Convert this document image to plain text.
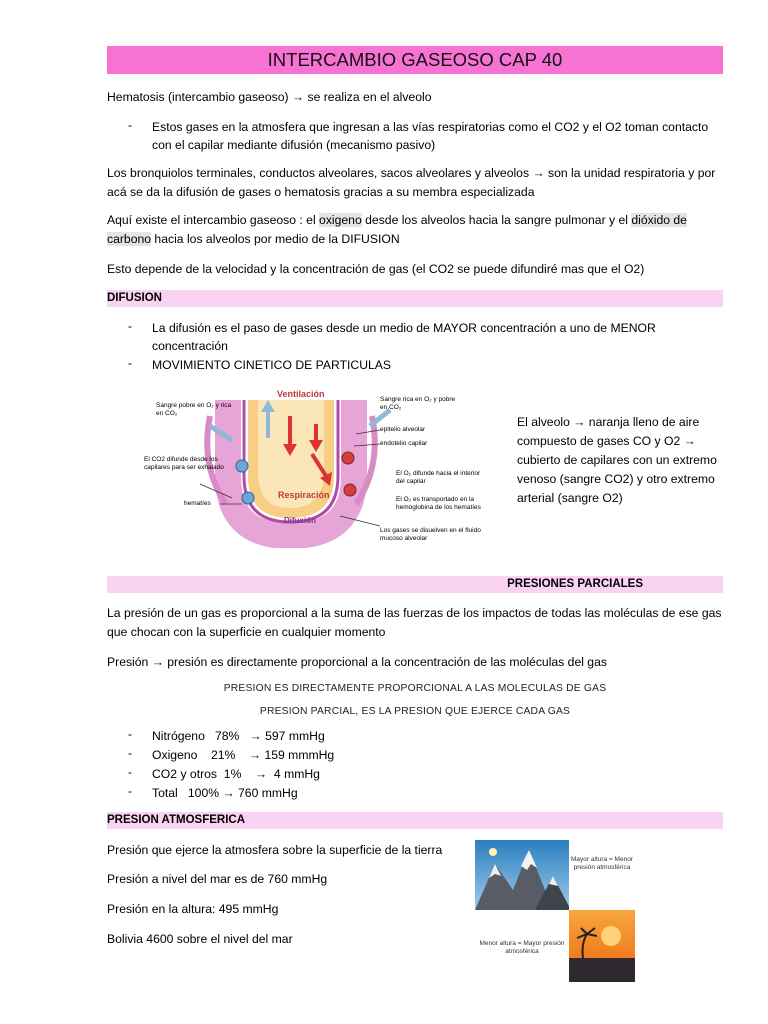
INTERCAMBIO GASEOSO CAP 40
Hematosis (intercambio gaseoso) → se realiza en el alveolo
- Estos gases en la atmosfera que ingresan a las vías respiratorias como el CO2 y el O2 toman contacto con el capilar mediante difusión (mecanismo pasivo)
Los bronquiolos terminales, conductos alveolares, sacos alveolares y alveolos → son la unidad respiratoria y por acá se da la difusión de gases o hematosis gracias a su membra especializada
Aquí existe el intercambio gaseoso : el oxigeno desde los alveolos hacia la sangre pulmonar y el dióxido de
carbono hacia los alveolos por medio de la DIFUSION
Esto depende de la velocidad y la concentración de gas (el CO2 se puede difundiré mas que el O2)
DIFUSION
- La difusión es el paso de gases desde un medio de MAYOR concentración a uno de MENOR concentración
- MOVIMIENTO CINETICO DE PARTICULAS
Ventilación
Sangre pobre en O₂ y rica en CO₂
Sangre rica en O₂ y pobre en CO₂
epitelio alveolar
endotelio capilar
El CO2 difunde desde los capilares para ser exhalado
El O₂ difunde hacia el interior del capilar
Respiración	El O₂ es transportado en la hemoglobina de los hematíes
hematíes
Difusión
Los gases se disuelven en el fluido mucoso alveolar
El alveolo → naranja lleno de aire compuesto de gases CO y O2 → cubierto de capilares con un extremo venoso (sangre CO2) y otro extremo arterial (sangre O2)
PRESIONES PARCIALES
La presión de un gas es proporcional a la suma de las fuerzas de los impactos de todas las moléculas de ese gas que chocan con la superficie en cualquier momento
Presión → presión es directamente proporcional a la concentración de las moléculas del gas
PRESION ES DIRECTAMENTE PROPORCIONAL A LAS MOLECULAS DE GAS
PRESION PARCIAL, ES LA PRESION QUE EJERCE CADA GAS
- Nitrógeno   78%   → 597 mmHg
- Oxigeno    21%    → 159 mmmHg
- CO2 y otros  1%    →  4 mmHg
- Total   100% → 760 mmHg
PRESION ATMOSFERICA
Presión que ejerce la atmosfera sobre la superficie de la tierra
Presión a nivel del mar es de 760 mmHg
Presión en la altura: 495 mmHg
Bolivia 4600 sobre el nivel del mar
Mayor altura = Menor presión atmosférica
Menor altura = Mayor presión atmosférica
